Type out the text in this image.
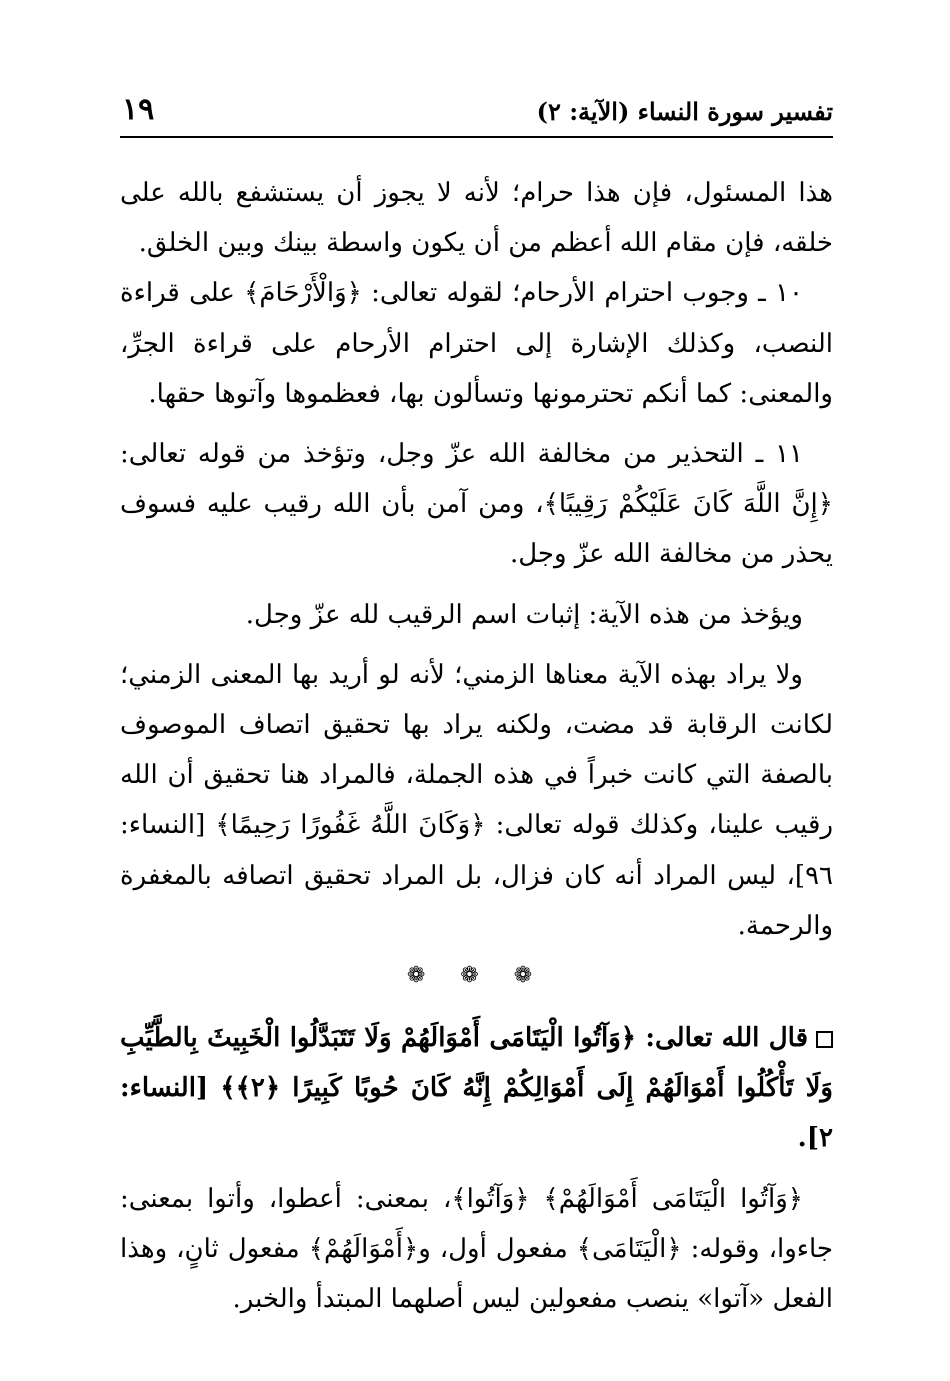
١٩	تفسير سورة النساء (الآية: ٢)

هذا المسئول، فإن هذا حرام؛ لأنه لا يجوز أن يستشفع بالله على خلقه، فإن مقام الله أعظم من أن يكون واسطة بينك وبين الخلق.

١٠ ـ وجوب احترام الأرحام؛ لقوله تعالى: ﴿وَالْأَرْحَامَ﴾ على قراءة النصب، وكذلك الإشارة إلى احترام الأرحام على قراءة الجرِّ، والمعنى: كما أنكم تحترمونها وتسألون بها، فعظموها وآتوها حقها.

١١ ـ التحذير من مخالفة الله عزّ وجل، وتؤخذ من قوله تعالى: ﴿إِنَّ اللَّهَ كَانَ عَلَيْكُمْ رَقِيبًا﴾، ومن آمن بأن الله رقيب عليه فسوف يحذر من مخالفة الله عزّ وجل.

ويؤخذ من هذه الآية: إثبات اسم الرقيب لله عزّ وجل.

ولا يراد بهذه الآية معناها الزمني؛ لأنه لو أريد بها المعنى الزمني؛ لكانت الرقابة قد مضت، ولكنه يراد بها تحقيق اتصاف الموصوف بالصفة التي كانت خبراً في هذه الجملة، فالمراد هنا تحقيق أن الله رقيب علينا، وكذلك قوله تعالى: ﴿وَكَانَ اللَّهُ غَفُورًا رَحِيمًا﴾ [النساء: ٩٦]، ليس المراد أنه كان فزال، بل المراد تحقيق اتصافه بالمغفرة والرحمة.

❁ ❁ ❁

قال الله تعالى: ﴿وَآتُوا الْيَتَامَى أَمْوَالَهُمْ وَلَا تَتَبَدَّلُوا الْخَبِيثَ بِالطَّيِّبِ وَلَا تَأْكُلُوا أَمْوَالَهُمْ إِلَى أَمْوَالِكُمْ إِنَّهُ كَانَ حُوبًا كَبِيرًا ﴿٢﴾﴾ [النساء: ٢].

﴿وَآتُوا الْيَتَامَى أَمْوَالَهُمْ﴾ ﴿وَآتُوا﴾، بمعنى: أعطوا، وأتوا بمعنى: جاءوا، وقوله: ﴿الْيَتَامَى﴾ مفعول أول، و﴿أَمْوَالَهُمْ﴾ مفعول ثانٍ، وهذا الفعل «آتوا» ينصب مفعولين ليس أصلهما المبتدأ والخبر.
